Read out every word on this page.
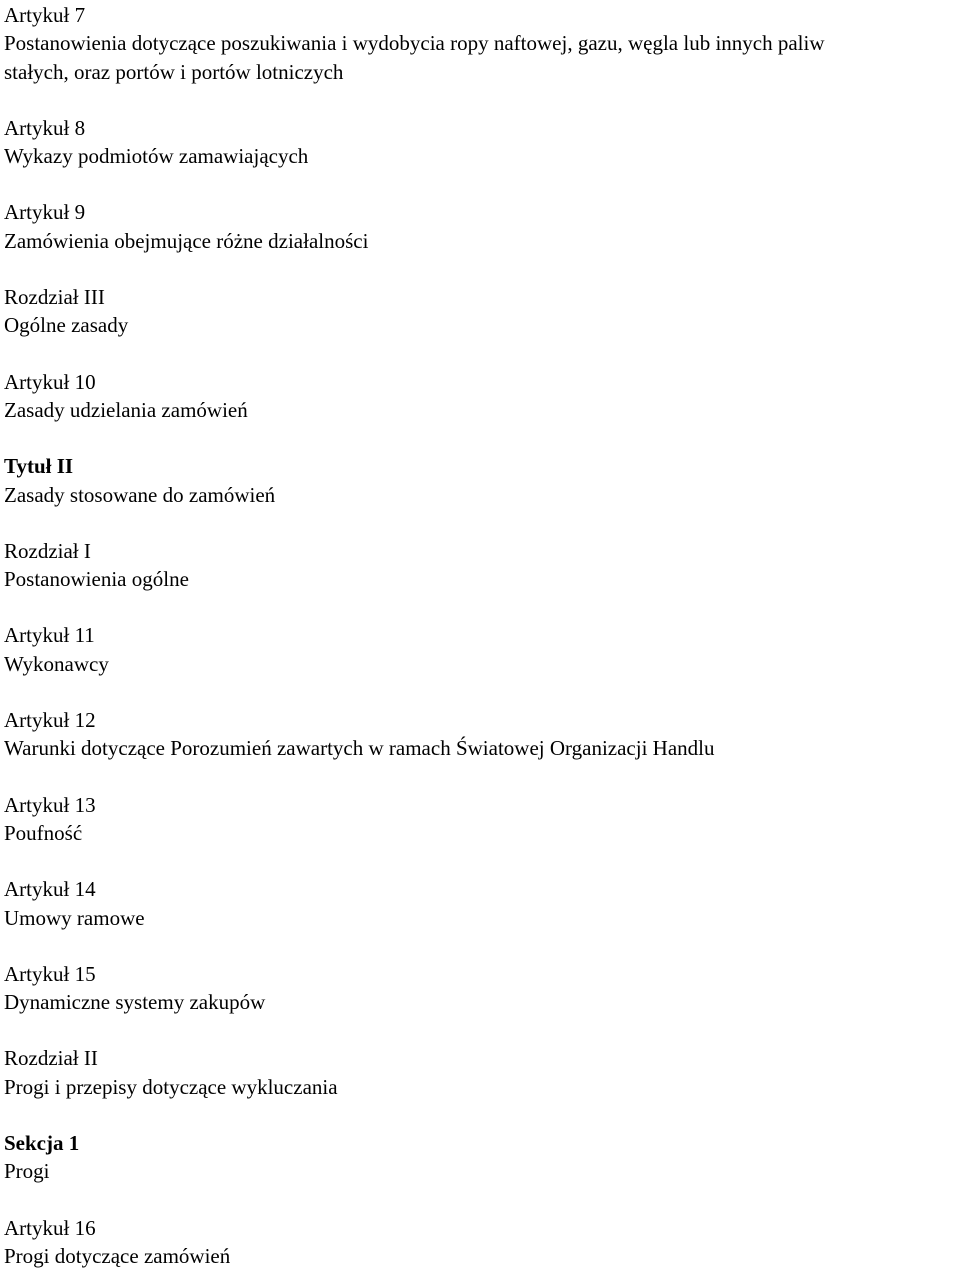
Artykuł 7
Postanowienia dotyczące poszukiwania i wydobycia ropy naftowej, gazu, węgla lub innych paliw
stałych, oraz portów i portów lotniczych
Artykuł 8
Wykazy podmiotów zamawiających
Artykuł 9
Zamówienia obejmujące różne działalności
Rozdział III
Ogólne zasady
Artykuł 10
Zasady udzielania zamówień
Tytuł II
Zasady stosowane do zamówień
Rozdział I
Postanowienia ogólne
Artykuł 11
Wykonawcy
Artykuł 12
Warunki dotyczące Porozumień zawartych w ramach Światowej Organizacji Handlu
Artykuł 13
Poufność
Artykuł 14
Umowy ramowe
Artykuł 15
Dynamiczne systemy zakupów
Rozdział II
Progi i przepisy dotyczące wykluczania
Sekcja 1
Progi
Artykuł 16
Progi dotyczące zamówień
